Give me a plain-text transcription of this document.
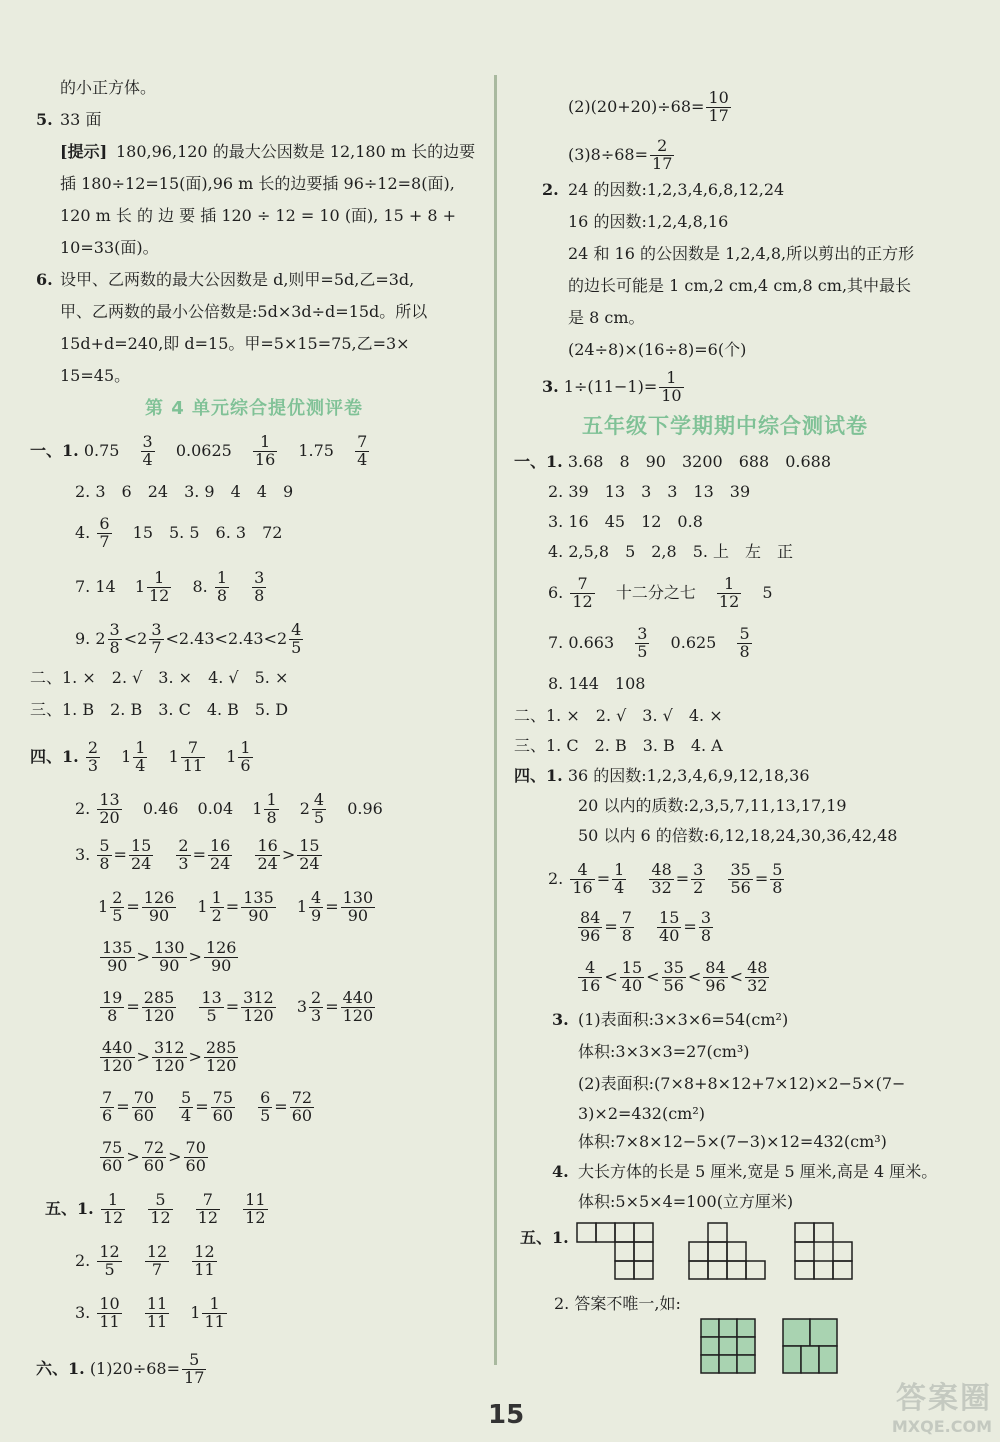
的小正方体。
5. 33 面
[提示] 180,96,120 的最大公因数是 12,180 m 长的边要
插 180÷12=15(面),96 m 长的边要插 96÷12=8(面),
120 m 长 的 边 要 插 120 ÷ 12 = 10 (面), 15 + 8 +
10=33(面)。
6. 设甲、乙两数的最大公因数是 d,则甲=5d,乙=3d,
甲、乙两数的最小公倍数是:5d×3d÷d=15d。所以
15d+d=240,即 d=15。甲=5×15=75,乙=3×
15=45。
第 4 单元综合提优测评卷
一、1. $0.75 \frac{3}{4} 0.0625 \frac{1}{16} 1.75 \frac{7}{4}$
2. 3　6　24　3. 9　4　4　9
4. $\frac{6}{7} 15$　5. 5　6. 3　72
7. 14 $1 \frac{1}{12} 8$. $\frac{1}{8}$
$\frac{3}{8}$
9. $2 \frac{3}{8} <2 \frac{3}{7} <2.43<2.43<2 \frac{4}{5}$
二、1. ×　2. √　3. ×　4. √　5. ×
三、1. B　2. B　3. C　4. B　5. D
四、1. $\frac{2}{3} 1 \frac{1}{4} 1 \frac{7}{11} 1 \frac{1}{6}$
2. $\frac{13}{20} 0.46$ 0.04 $1 \frac{1}{8} 2 \frac{4}{5} 0.96$
3. $\frac{5}{8} = \frac{15}{24}$
$\frac{2}{3} = \frac{16}{24}$
$\frac{16}{24} > \frac{15}{24}$
$1 \frac{2}{5} = \frac{126}{90} 1 \frac{1}{2} = \frac{135}{90} 1 \frac{4}{9} = \frac{130}{90}$
$\frac{135}{90} > \frac{130}{90} > \frac{126}{90}$
$\frac{19}{8} = \frac{285}{120}$
$\frac{13}{5} = \frac{312}{120} 3 \frac{2}{3} = \frac{440}{120}$
$\frac{440}{120} > \frac{312}{120} > \frac{285}{120}$
$\frac{7}{6} = \frac{70}{60}$
$\frac{5}{4} = \frac{75}{60}$
$\frac{6}{5} = \frac{72}{60}$
$\frac{75}{60} > \frac{72}{60} > \frac{70}{60}$
五、1. $\frac{1}{12}$
$\frac{5}{12}$
$\frac{7}{12}$
$\frac{11}{12}$
2. $\frac{12}{5}$
$\frac{12}{7}$
$\frac{12}{11}$
3. $\frac{10}{11}$
$\frac{11}{11} 1 \frac{1}{11}$
六、1. $(1)20\div 68= \frac{5}{17}$
$(2)(20+20)\div 68= \frac{10}{17}$
$(3)8\div 68= \frac{2}{17}$
2. 24 的因数:1,2,3,4,6,8,12,24
16 的因数:1,2,4,8,16
24 和 16 的公因数是 1,2,4,8,所以剪出的正方形
的边长可能是 1 cm,2 cm,4 cm,8 cm,其中最长
是 8 cm。
(24÷8)×(16÷8)=6(个)
3. $1\div(11-1)= \frac{1}{10}$
五年级下学期期中综合测试卷
一、1. 3.68　8　90　3200　688　0.688
2. 39　13　3　3　13　39
3. 16　45　12　0.8
4. 2,5,8　5　2,8　5. 上　左　正
6. $\frac{7}{12}$ 十二分之七 $\frac{1}{12} 5$
7. $0.663 \frac{3}{5} 0.625 \frac{5}{8}$
8. 144　108
二、1. ×　2. √　3. √　4. ×
三、1. C　2. B　3. B　4. A
四、1. 36 的因数:1,2,3,4,6,9,12,18,36
20 以内的质数:2,3,5,7,11,13,17,19
50 以内 6 的倍数:6,12,18,24,30,36,42,48
2. $\frac{4}{16} = \frac{1}{4}$
$\frac{48}{32} = \frac{3}{2}$
$\frac{35}{56} = \frac{5}{8}$
$\frac{84}{96} = \frac{7}{8}$
$\frac{15}{40} = \frac{3}{8}$
$\frac{4}{16} < \frac{15}{40} < \frac{35}{56} < \frac{84}{96} < \frac{48}{32}$
3. (1)表面积:3×3×6=54(cm²)
体积:3×3×3=27(cm³)
(2)表面积:(7×8+8×12+7×12)×2−5×(7−
3)×2=432(cm²)
体积:7×8×12−5×(7−3)×12=432(cm³)
4. 大长方体的长是 5 厘米,宽是 5 厘米,高是 4 厘米。
体积:5×5×4=100(立方厘米)
五、1.
2. 答案不唯一,如:
15	答案圈
MXQE.COM
